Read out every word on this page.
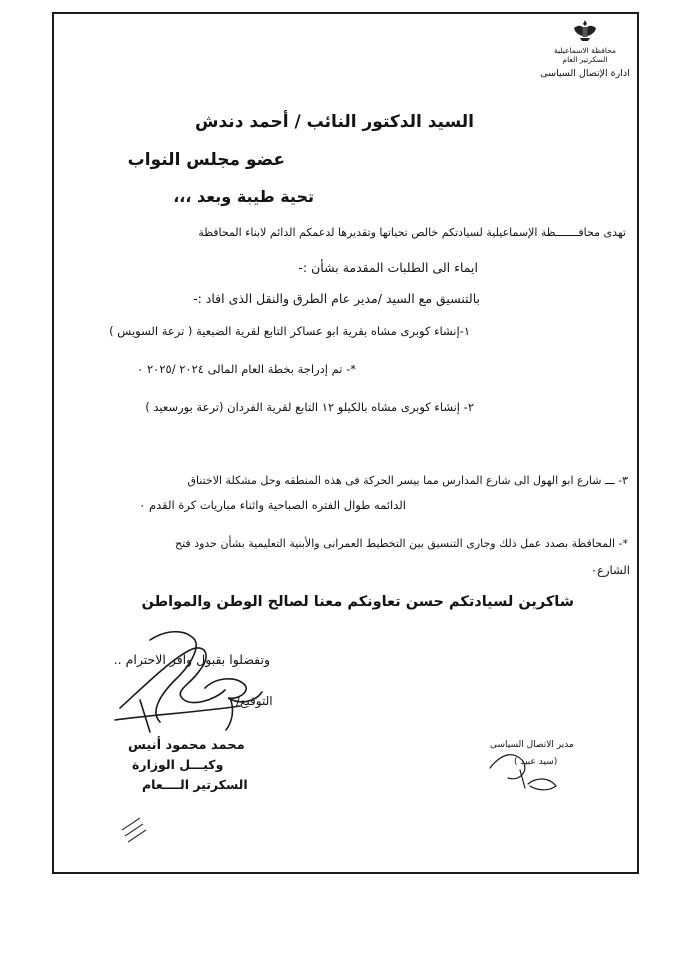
محافظة الاسماعيلية
السكرتير العام
ادارة الإتصال السياسى
السيد الدكتور النائب / أحمد دندش
عضو مجلس النواب
تحية طيبة وبعد ،،،
تهدى محافـــــــظة الإسماعيلية لسيادتكم خالص تحياتها وتقديرها لدعمكم الدائم لابناء المحافظة
ايماء الى الطلبات المقدمة بشأن :-
بالتنسيق مع السيد /مدير عام الطرق والنقل الذى افاد :-
١-إنشاء كوبرى مشاه بقرية ابو عساكر التابع لقرية الضبعية ( ترعة السويس )
*- تم إدراجة بخطة العام المالى ٢٠٢٤ /٢٠٢٥ ٠
٢- إنشاء كوبرى مشاه بالكيلو ١٢ التابع لقرية الفردان (ترعة بورسعيد )
٣- ـــ شارع ابو الهول الى شارع المدارس مما ييسر الحركة فى هذه المنطقه وحل مشكلة الاختناق
الدائمه طوال الفتره الصباحية واثناء مباريات كرة القدم ٠
*- المحافظة بصدد عمل ذلك وجارى التنسيق بين التخطيط العمرانى والأبنية التعليمية بشأن حدود فتح
الشارع٠
شاكرين لسيادتكم حسن تعاونكم معنا لصالح الوطن والمواطن
وتفضلوا بقبول وافر الاحترام ..
التوقيع/
محمد محمود أنيس
وكيـــل الوزارة
السكرتير الــــعام
مدير الاتصال السياسى
(سيد عبيد )
